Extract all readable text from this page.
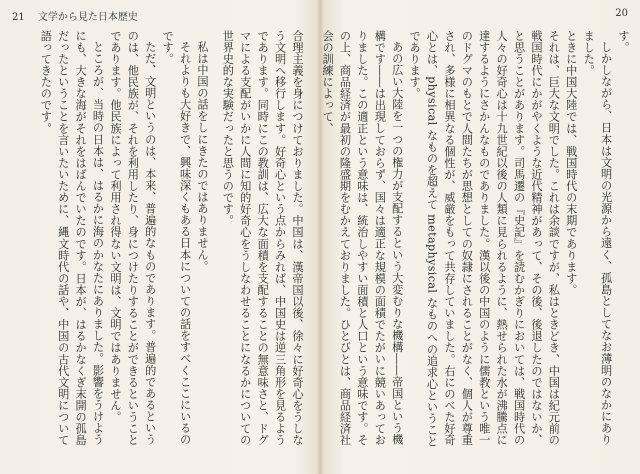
21 文学から見た日本歴史

合理主義を身につけておりました。中国は、漢帝国以後、徐々に好奇心をうしなう文明へ移行します。好奇心という点からみれば、中国史は逆三角形を見るようであります。同時にこの教訓は、広大な面積を支配することの無意味さと、ドグマによる支配がいかに人間に知的好奇心をうしなわせることになるかについての世界史的な実験だったと思うのです。

私は中国の話をしにきたのではありません。

それよりも大好きで、興味深くもある日本についての話をすべくここにいるのです。

ただ、文明というのは、本来、普遍的なものであります。普遍的であるというのは、他民族が、それを利用したり、身につけたりすることができるということであります。他民族によって利用され得ない文明は、文明ではありません。

ところが、当時の日本は、はるかに海のかなたにありました。影響をうけようにも、大きな海がそれをはばんでいたのです。日本が、はるかなくぎ末開の孤島だったということを言いたいために、縄文時代の話や、中国の古代文明について語ってきたのです。

20

す。

しかしながら、日本は文明の光源から遠く、孤島としてなお薄明のなかにありました。

ときに中国大陸では、戦国時代の末期であります。

それは、巨大な文明でした。これは余談ですが、私はときどき、中国は紀元前の戦国時代にかがやくような近代精神があって、その後、後退したのではないか、と思うことがあります。司馬遷の『史記』を読むかぎりにおいては、戦国時代の人々の好奇心は十九世紀以後の人類に見られるように、熱せられた水が沸騰点に達するようにさかんなものでありました。漢以後の中国のように儒教という唯一のドグマのもとで人間たちが思想としての奴隷にされることがなく、個人が尊重され、多様に相異なる個性が、威厳をもって共存していました。右にのべた好奇心とは、physical なものを超えて metaphysical なものへの追求心ということであります。

あの広い大陸を一つの権力が支配するという大変むりな機構――帝国という機構です――は出現しておらず、国々は適正な規模の面積でたがいに競いあっておりました。この適正という意味は、統治しやすい面積と人口という意味です。その上、商品経済が最初の隆盛期をむかえておりました。ひとびとは、商品経済社会の訓練によって、
